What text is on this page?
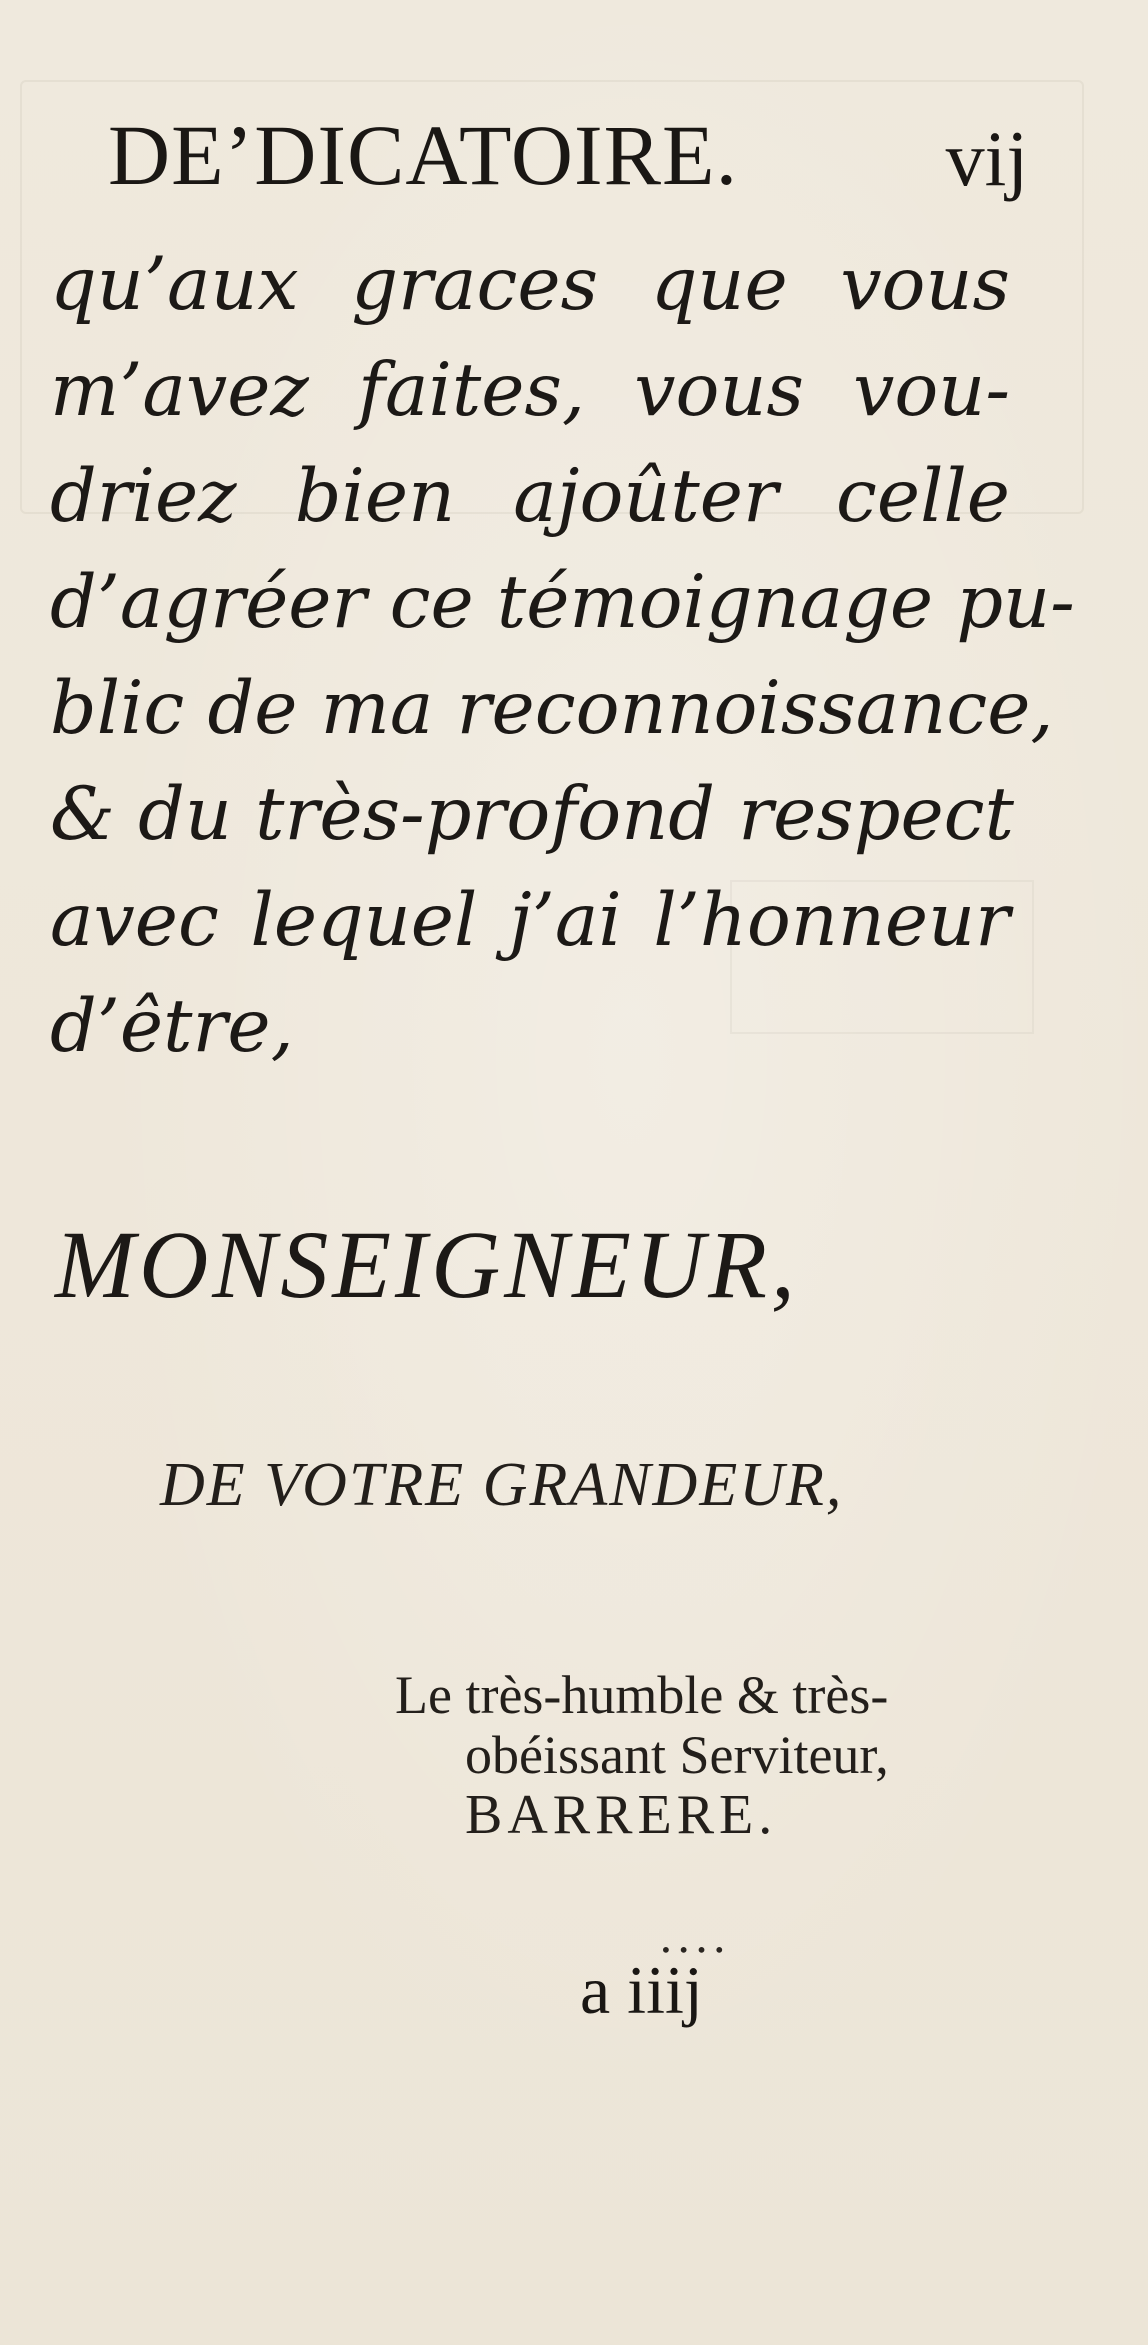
DE’DICATOIRE.	vij
qu’aux graces que vous
m’avez faites, vous vou-
driez bien ajoûter celle
d’agréer ce témoignage pu-
blic de ma reconnoissance,
& du très-profond respect
avec lequel j’ai l’honneur
d’être,
MONSEIGNEUR,
DE VOTRE GRANDEUR,
Le très-humble & très-
obéissant Serviteur,
BARRERE.
••••
a iiij
